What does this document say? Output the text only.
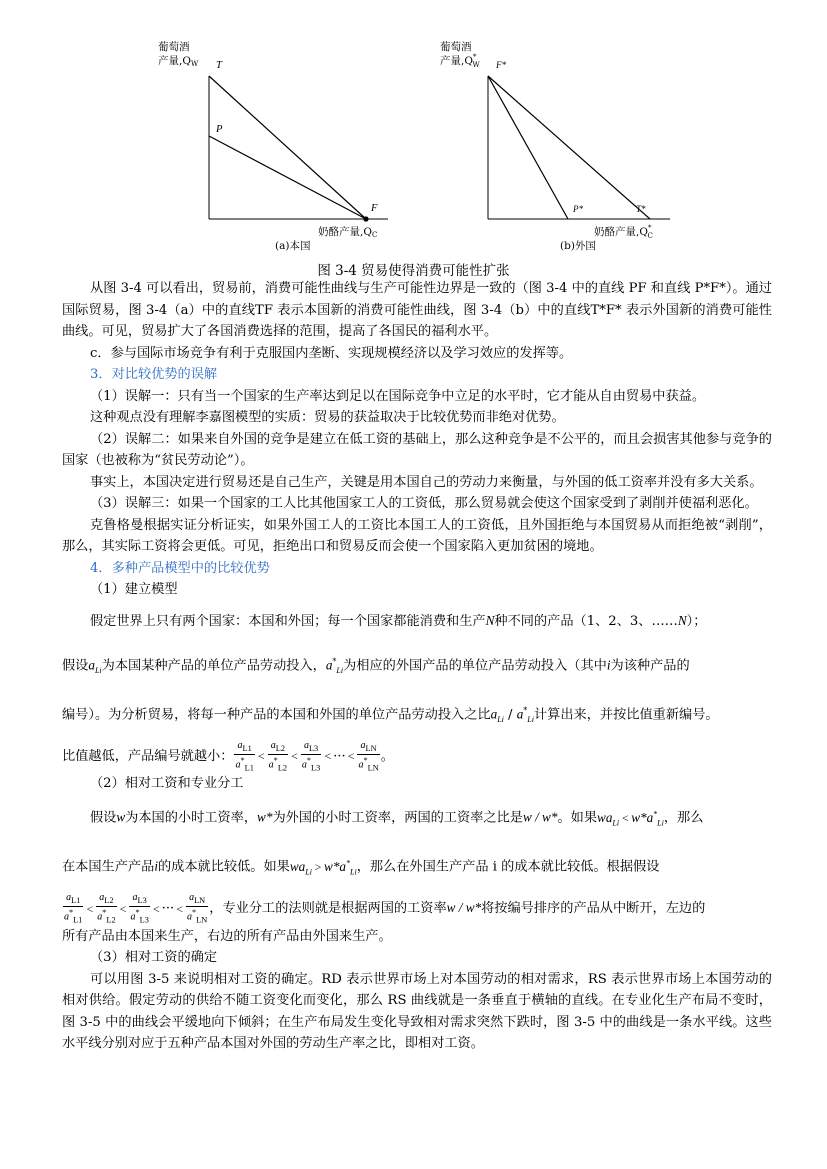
葡萄酒
产量,QW T
P
F
奶酪产量,QC
(a)本国
葡萄酒
产量,Q* W F*
P*	T*
奶酪产量,Q* C
(b)外国
图 3-4 贸易使得消费可能性扩张

从图 3-4 可以看出，贸易前，消费可能性曲线与生产可能性边界是一致的（图 3-4 中的直线 PF 和直线 P*F*）。通过国际贸易，图 3-4（a）中的直线TF 表示本国新的消费可能性曲线，图 3-4（b）中的直线T*F* 表示外国新的消费可能性曲线。可见，贸易扩大了各国消费选择的范围，提高了各国民的福利水平。

c．参与国际市场竞争有利于克服国内垄断、实现规模经济以及学习效应的发挥等。

3．对比较优势的误解

（1）误解一：只有当一个国家的生产率达到足以在国际竞争中立足的水平时，它才能从自由贸易中获益。

这种观点没有理解李嘉图模型的实质：贸易的获益取决于比较优势而非绝对优势。

（2）误解二：如果来自外国的竞争是建立在低工资的基础上，那么这种竞争是不公平的，而且会损害其他参与竞争的国家（也被称为“贫民劳动论”）。

事实上，本国决定进行贸易还是自己生产，关键是用本国自己的劳动力来衡量，与外国的低工资率并没有多大关系。

（3）误解三：如果一个国家的工人比其他国家工人的工资低，那么贸易就会使这个国家受到了剥削并使福利恶化。

克鲁格曼根据实证分析证实，如果外国工人的工资比本国工人的工资低，且外国拒绝与本国贸易从而拒绝被“剥削”，那么，其实际工资将会更低。可见，拒绝出口和贸易反而会使一个国家陷入更加贫困的境地。

4．多种产品模型中的比较优势

（1）建立模型

假定世界上只有两个国家：本国和外国；每一个国家都能消费和生产N种不同的产品（1、2、3、……N）；

假设$a_{Li}$为本国某种产品的单位产品劳动投入，$a^*_{Li}$为相应的外国产品的单位产品劳动投入（其中i为该种产品的

编号）。为分析贸易，将每一种产品的本国和外国的单位产品劳动投入之比$a_{Li} / a^*_{Li}$计算出来，并按比值重新编号。

比值越低，产品编号就越小： $\frac{a_{L1}}{a^*_{L1}} < \frac{a_{L2}}{a^*_{L2}} < \frac{a_{L3}}{a^*_{L3}}$ < ··· < $\frac{a_{LN}}{a^*_{LN}}$ 。

（2）相对工资和专业分工

假设w为本国的小时工资率，w*为外国的小时工资率，两国的工资率之比是w / w*。如果$wa_{Li} < w*a^*_{Li}$，那么

在本国生产产品i的成本就比较低。如果$wa_{Li} > w*a^*_{Li}$，那么在外国生产产品 i 的成本就比较低。根据假设

$\frac{a_{L1}}{a^*_{L1}} < \frac{a_{L2}}{a^*_{L2}} < \frac{a_{L3}}{a^*_{L3}}$ < ··· < $\frac{a_{LN}}{a^*_{LN}}$ ，专业分工的法则就是根据两国的工资率w / w*将按编号排序的产品从中断开，左边的

所有产品由本国来生产，右边的所有产品由外国来生产。

（3）相对工资的确定

可以用图 3-5 来说明相对工资的确定。RD 表示世界市场上对本国劳动的相对需求，RS 表示世界市场上本国劳动的相对供给。假定劳动的供给不随工资变化而变化，那么 RS 曲线就是一条垂直于横轴的直线。在专业化生产布局不变时，图 3-5 中的曲线会平缓地向下倾斜；在生产布局发生变化导致相对需求突然下跌时，图 3-5 中的曲线是一条水平线。这些水平线分别对应于五种产品本国对外国的劳动生产率之比，即相对工资。
